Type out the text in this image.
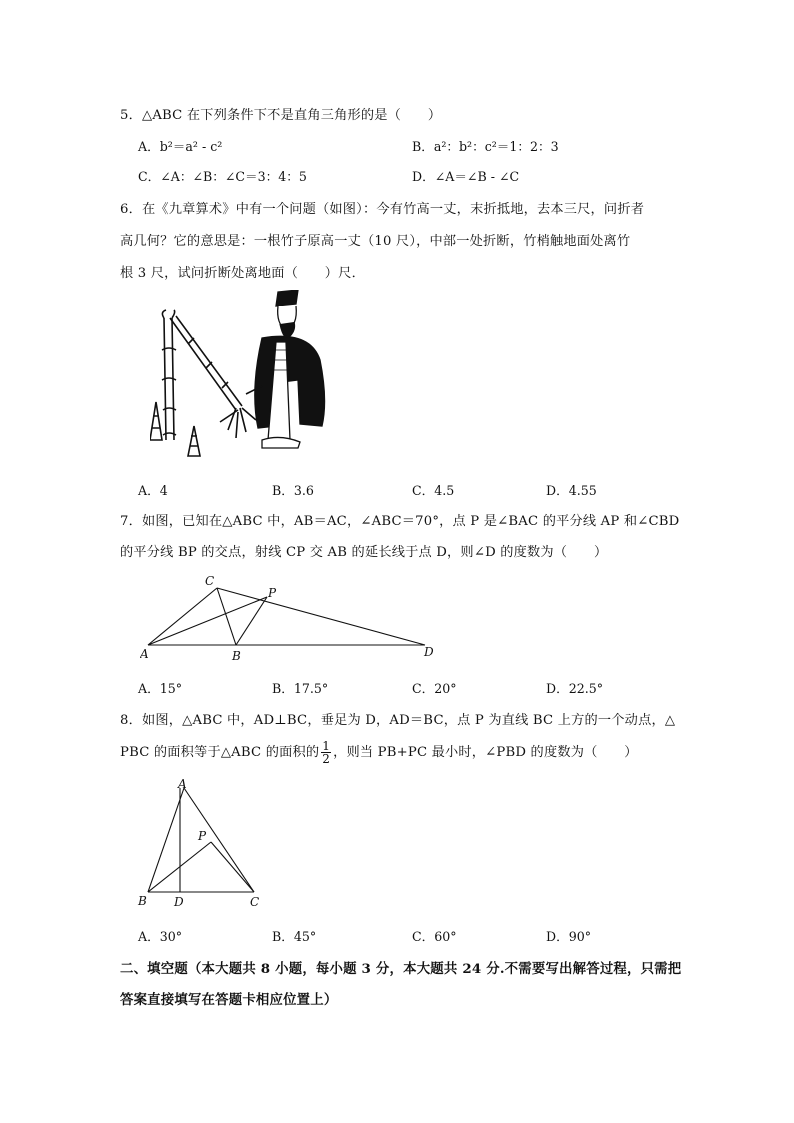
5．△ABC 在下列条件下不是直角三角形的是（　　）
A．b²＝a² - c²	B．a²：b²：c²＝1：2：3
C．∠A：∠B：∠C＝3：4：5	D．∠A＝∠B - ∠C
6．在《九章算术》中有一个问题（如图）：今有竹高一丈，末折抵地，去本三尺，问折者
高几何？它的意思是：一根竹子原高一丈（10 尺），中部一处折断，竹梢触地面处离竹
根 3 尺，试问折断处离地面（　　）尺．
A．4	B．3.6	C．4.5	D．4.55
7．如图，已知在△ABC 中，AB＝AC，∠ABC＝70°，点 P 是∠BAC 的平分线 AP 和∠CBD
的平分线 BP 的交点，射线 CP 交 AB 的延长线于点 D，则∠D 的度数为（　　）
A	B
C
P
D
A．15°	B．17.5°	C．20°	D．22.5°
8．如图，△ABC 中，AD⊥BC，垂足为 D，AD＝BC，点 P 为直线 BC 上方的一个动点，△
PBC 的面积等于△ABC 的面积的 $\frac{1}{2}$ ，则当 PB+PC 最小时，∠PBD 的度数为（　　）
A
B D	C
P
A．30°	B．45°	C．60°	D．90°
二、填空题（本大题共 8 小题，每小题 3 分，本大题共 24 分.不需要写出解答过程，只需把
答案直接填写在答题卡相应位置上）
